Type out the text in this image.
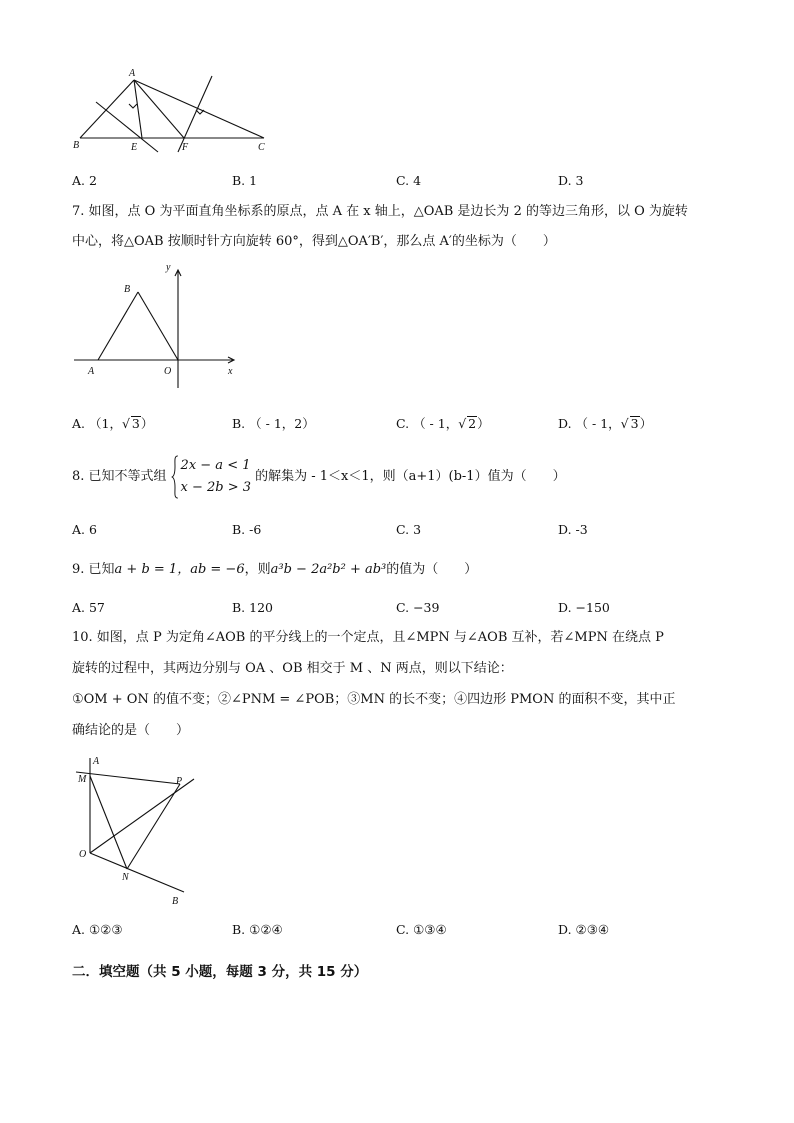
A
B	E	F	C
A. 2	B. 1	C. 4	D. 3
7. 如图，点 O 为平面直角坐标系的原点，点 A 在 x 轴上，△OAB 是边长为 2 的等边三角形，以 O 为旋转
中心，将△OAB 按顺时针方向旋转 60°，得到△OA′B′，那么点 A′的坐标为（　　）
y
B
A	O	x
A. （1，√ 3）	B. （ - 1，2）	C. （ - 1，√ 2）	D. （ - 1，√ 3）
8. 已知不等式组
2x − a < 1
x − 2b > 3
的解集为 - 1＜x＜1，则（a+1）(b-1）值为（　　）
A. 6	B. -6	C. 3	D. -3
9. 已知a + b = 1，ab = −6，则a³b − 2a²b² + ab³的值为（　　）
A. 57	B. 120	C. −39	D. −150
10. 如图，点 P 为定角∠AOB 的平分线上的一个定点，且∠MPN 与∠AOB 互补，若∠MPN 在绕点 P
旋转的过程中，其两边分别与 OA 、OB 相交于 M 、N 两点，则以下结论：
①OM + ON 的值不变；②∠PNM = ∠POB；③MN 的长不变；④四边形 PMON 的面积不变，其中正
确结论的是（　　）
A
M	P
O
N
B
A. ①②③	B. ①②④	C. ①③④	D. ②③④
二．填空题（共 5 小题，每题 3 分，共 15 分）
